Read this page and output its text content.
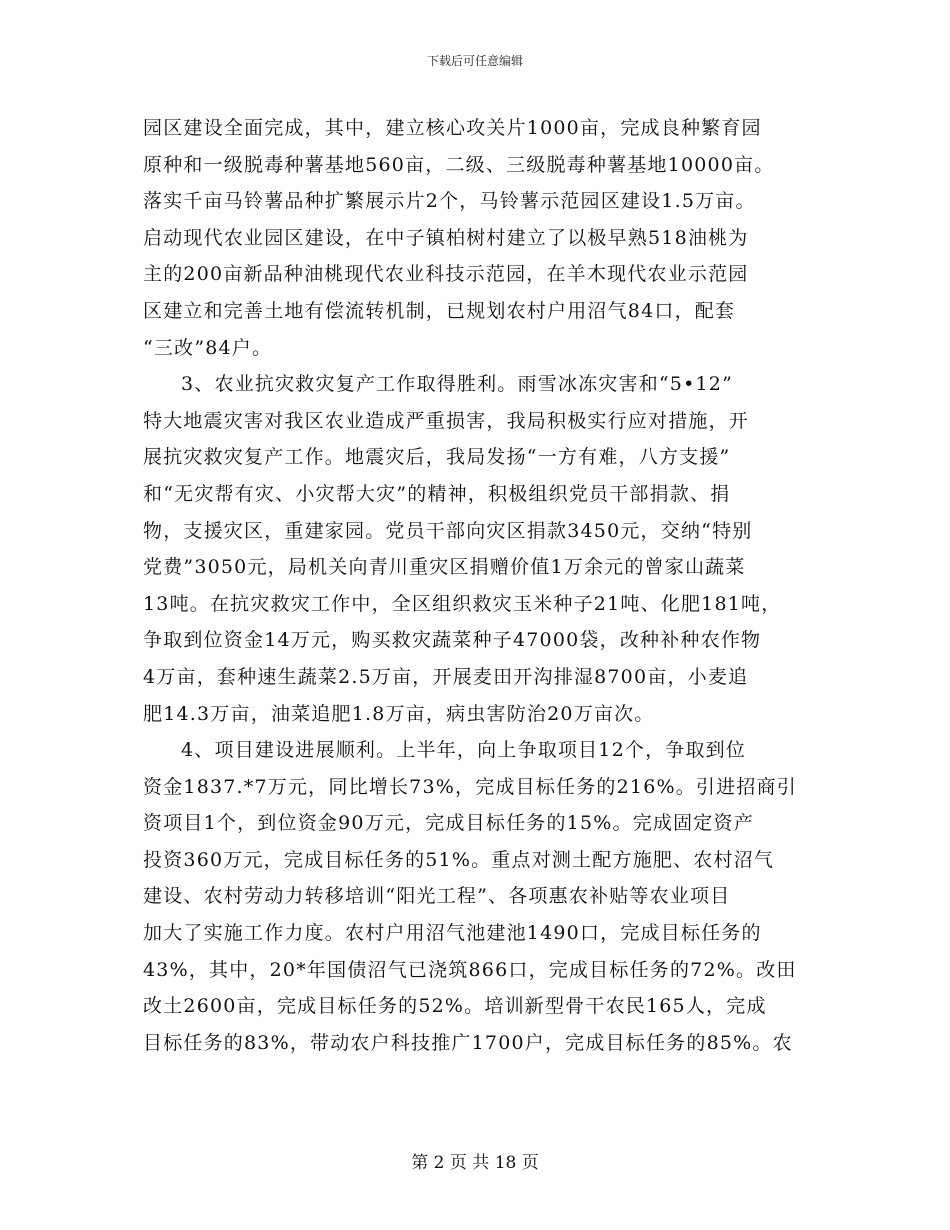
下载后可任意编辑
园区建设全面完成，其中，建立核心攻关片1000亩，完成良种繁育园
原种和一级脱毒种薯基地560亩，二级、三级脱毒种薯基地10000亩。
落实千亩马铃薯品种扩繁展示片2个，马铃薯示范园区建设1.5万亩。
启动现代农业园区建设，在中子镇柏树村建立了以极早熟518油桃为
主的200亩新品种油桃现代农业科技示范园，在羊木现代农业示范园
区建立和完善土地有偿流转机制，已规划农村户用沼气84口，配套
“三改”84户。
3、农业抗灾救灾复产工作取得胜利。雨雪冰冻灾害和“5•12”
特大地震灾害对我区农业造成严重损害，我局积极实行应对措施，开
展抗灾救灾复产工作。地震灾后，我局发扬“一方有难，八方支援”
和“无灾帮有灾、小灾帮大灾”的精神，积极组织党员干部捐款、捐
物，支援灾区，重建家园。党员干部向灾区捐款3450元，交纳“特别
党费”3050元，局机关向青川重灾区捐赠价值1万余元的曾家山蔬菜
13吨。在抗灾救灾工作中，全区组织救灾玉米种子21吨、化肥181吨，
争取到位资金14万元，购买救灾蔬菜种子47000袋，改种补种农作物
4万亩，套种速生蔬菜2.5万亩，开展麦田开沟排湿8700亩，小麦追
肥14.3万亩，油菜追肥1.8万亩，病虫害防治20万亩次。
4、项目建设进展顺利。上半年，向上争取项目12个，争取到位
资金1837.*7万元，同比增长73%，完成目标任务的216%。引进招商引
资项目1个，到位资金90万元，完成目标任务的15%。完成固定资产
投资360万元，完成目标任务的51%。重点对测土配方施肥、农村沼气
建设、农村劳动力转移培训“阳光工程”、各项惠农补贴等农业项目
加大了实施工作力度。农村户用沼气池建池1490口，完成目标任务的
43%，其中，20*年国债沼气已浇筑866口，完成目标任务的72%。改田
改土2600亩，完成目标任务的52%。培训新型骨干农民165人，完成
目标任务的83%，带动农户科技推广1700户，完成目标任务的85%。农
第 2 页 共 18 页
